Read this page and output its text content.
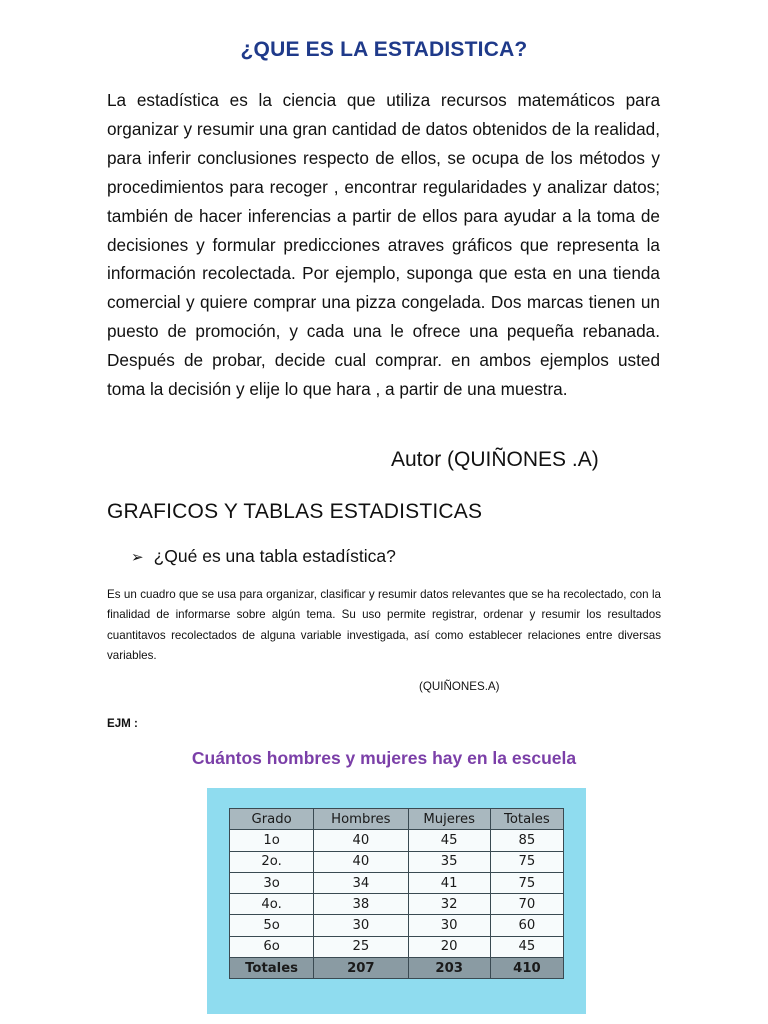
¿QUE ES LA ESTADISTICA?
La estadística es la ciencia que utiliza recursos matemáticos para organizar y resumir una gran cantidad de datos obtenidos de la realidad, para inferir conclusiones respecto de ellos, se ocupa de los métodos y procedimientos para recoger , encontrar regularidades y analizar datos; también de hacer inferencias a partir de ellos para ayudar a la toma de decisiones y formular predicciones atraves gráficos que representa la información recolectada. Por ejemplo, suponga que esta en una tienda comercial y quiere comprar una pizza congelada. Dos marcas tienen un puesto de promoción, y cada una le ofrece una pequeña rebanada. Después de probar, decide cual comprar. en ambos ejemplos usted toma la decisión y elije lo que hara , a partir de una muestra.
Autor (QUIÑONES .A)
GRAFICOS Y TABLAS ESTADISTICAS
➢ ¿Qué es una tabla estadística?
Es un cuadro que se usa para organizar, clasificar y resumir datos relevantes que se ha recolectado, con la finalidad de informarse sobre algún tema. Su uso permite registrar, ordenar y resumir los resultados cuantitavos recolectados de alguna variable investigada, así como establecer relaciones entre diversas variables.
(QUIÑONES.A)
EJM :
Cuántos hombres y mujeres hay en la escuela
Grado	Hombres	Mujeres	Totales
1o	40	45	85
2o.	40	35	75
3o	34	41	75
4o.	38	32	70
5o	30	30	60
6o	25	20	45
Totales	207	203	410
